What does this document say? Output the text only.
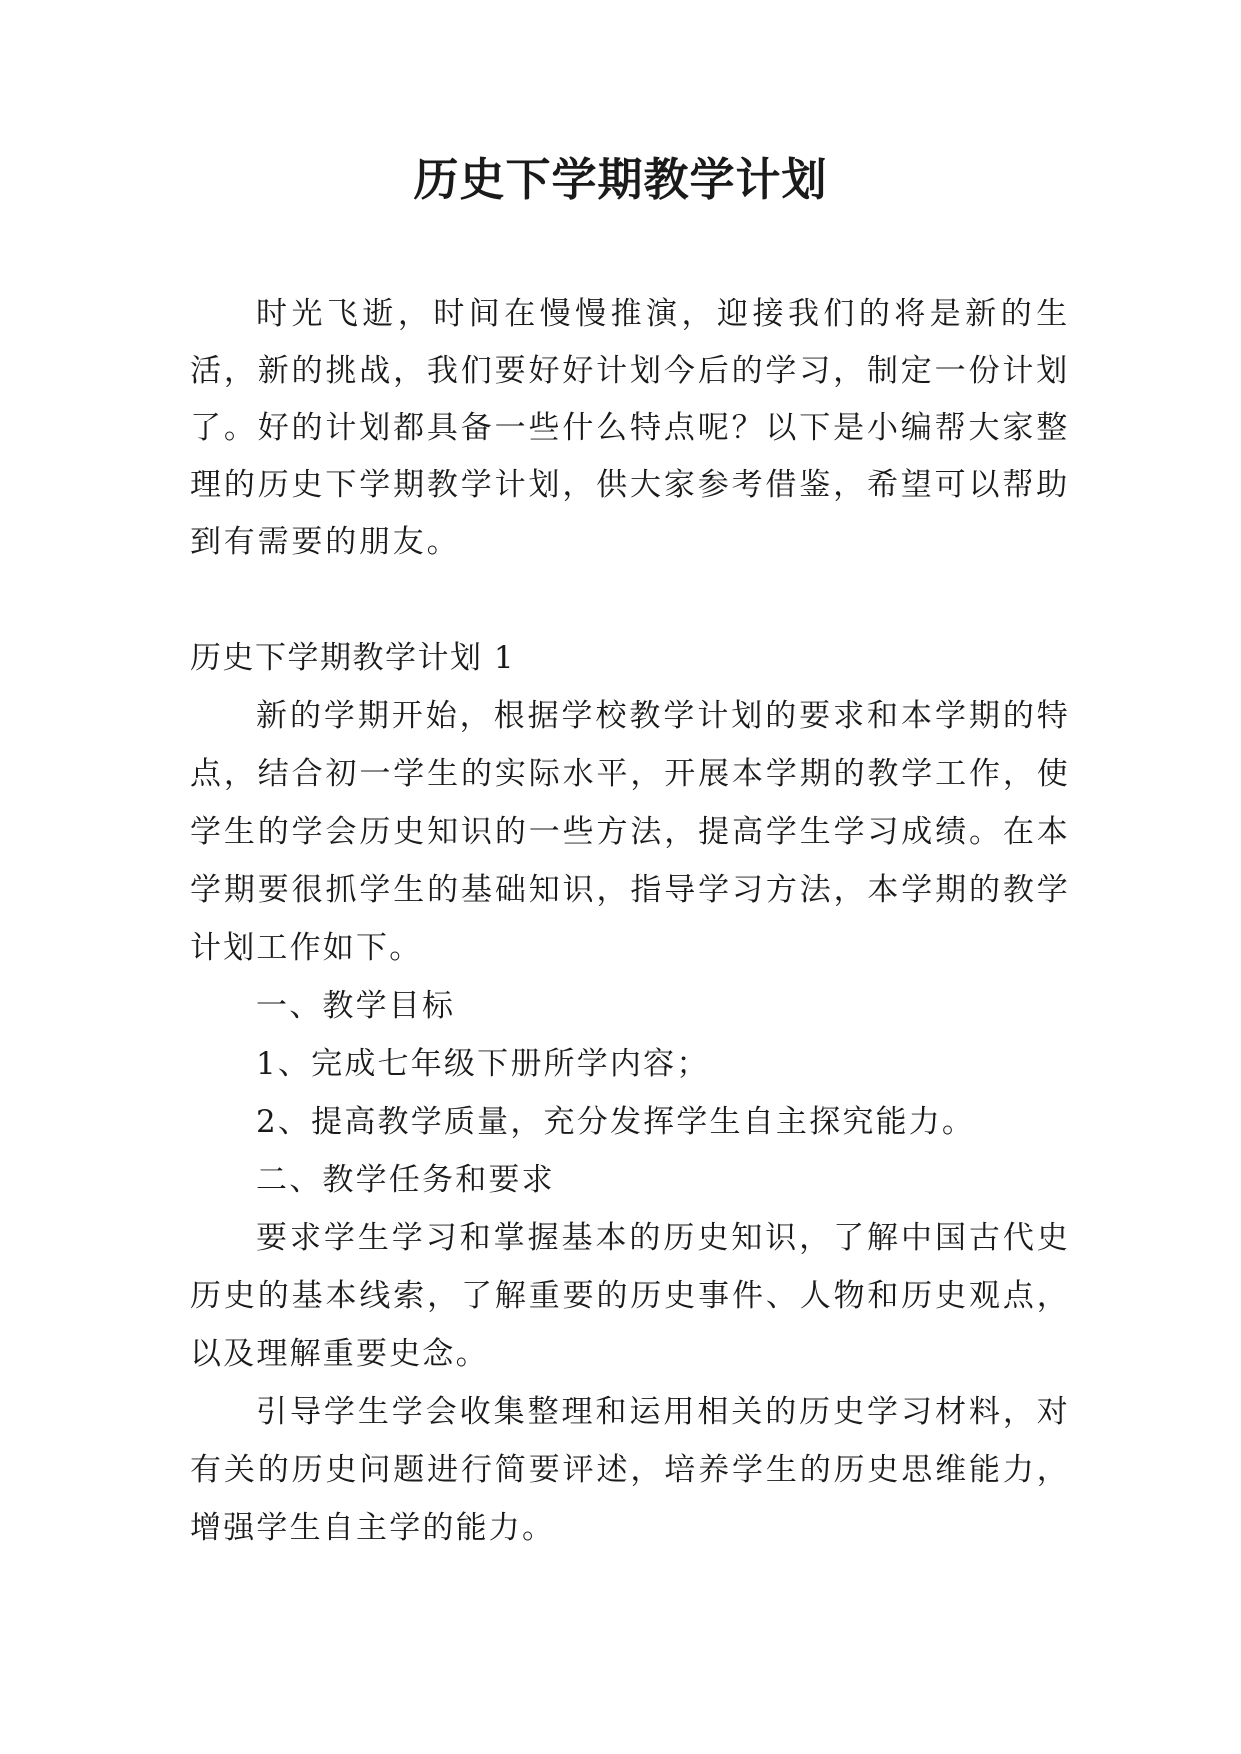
历史下学期教学计划

时光飞逝，时间在慢慢推演，迎接我们的将是新的生活，新的挑战，我们要好好计划今后的学习，制定一份计划了。好的计划都具备一些什么特点呢？以下是小编帮大家整理的历史下学期教学计划，供大家参考借鉴，希望可以帮助到有需要的朋友。

历史下学期教学计划 1

新的学期开始，根据学校教学计划的要求和本学期的特点，结合初一学生的实际水平，开展本学期的教学工作，使学生的学会历史知识的一些方法，提高学生学习成绩。在本学期要很抓学生的基础知识，指导学习方法，本学期的教学计划工作如下。

一、教学目标

1、完成七年级下册所学内容；

2、提高教学质量，充分发挥学生自主探究能力。

二、教学任务和要求

要求学生学习和掌握基本的历史知识，了解中国古代史历史的基本线索，了解重要的历史事件、人物和历史观点，以及理解重要史念。

引导学生学会收集整理和运用相关的历史学习材料，对有关的历史问题进行简要评述，培养学生的历史思维能力，增强学生自主学的能力。
